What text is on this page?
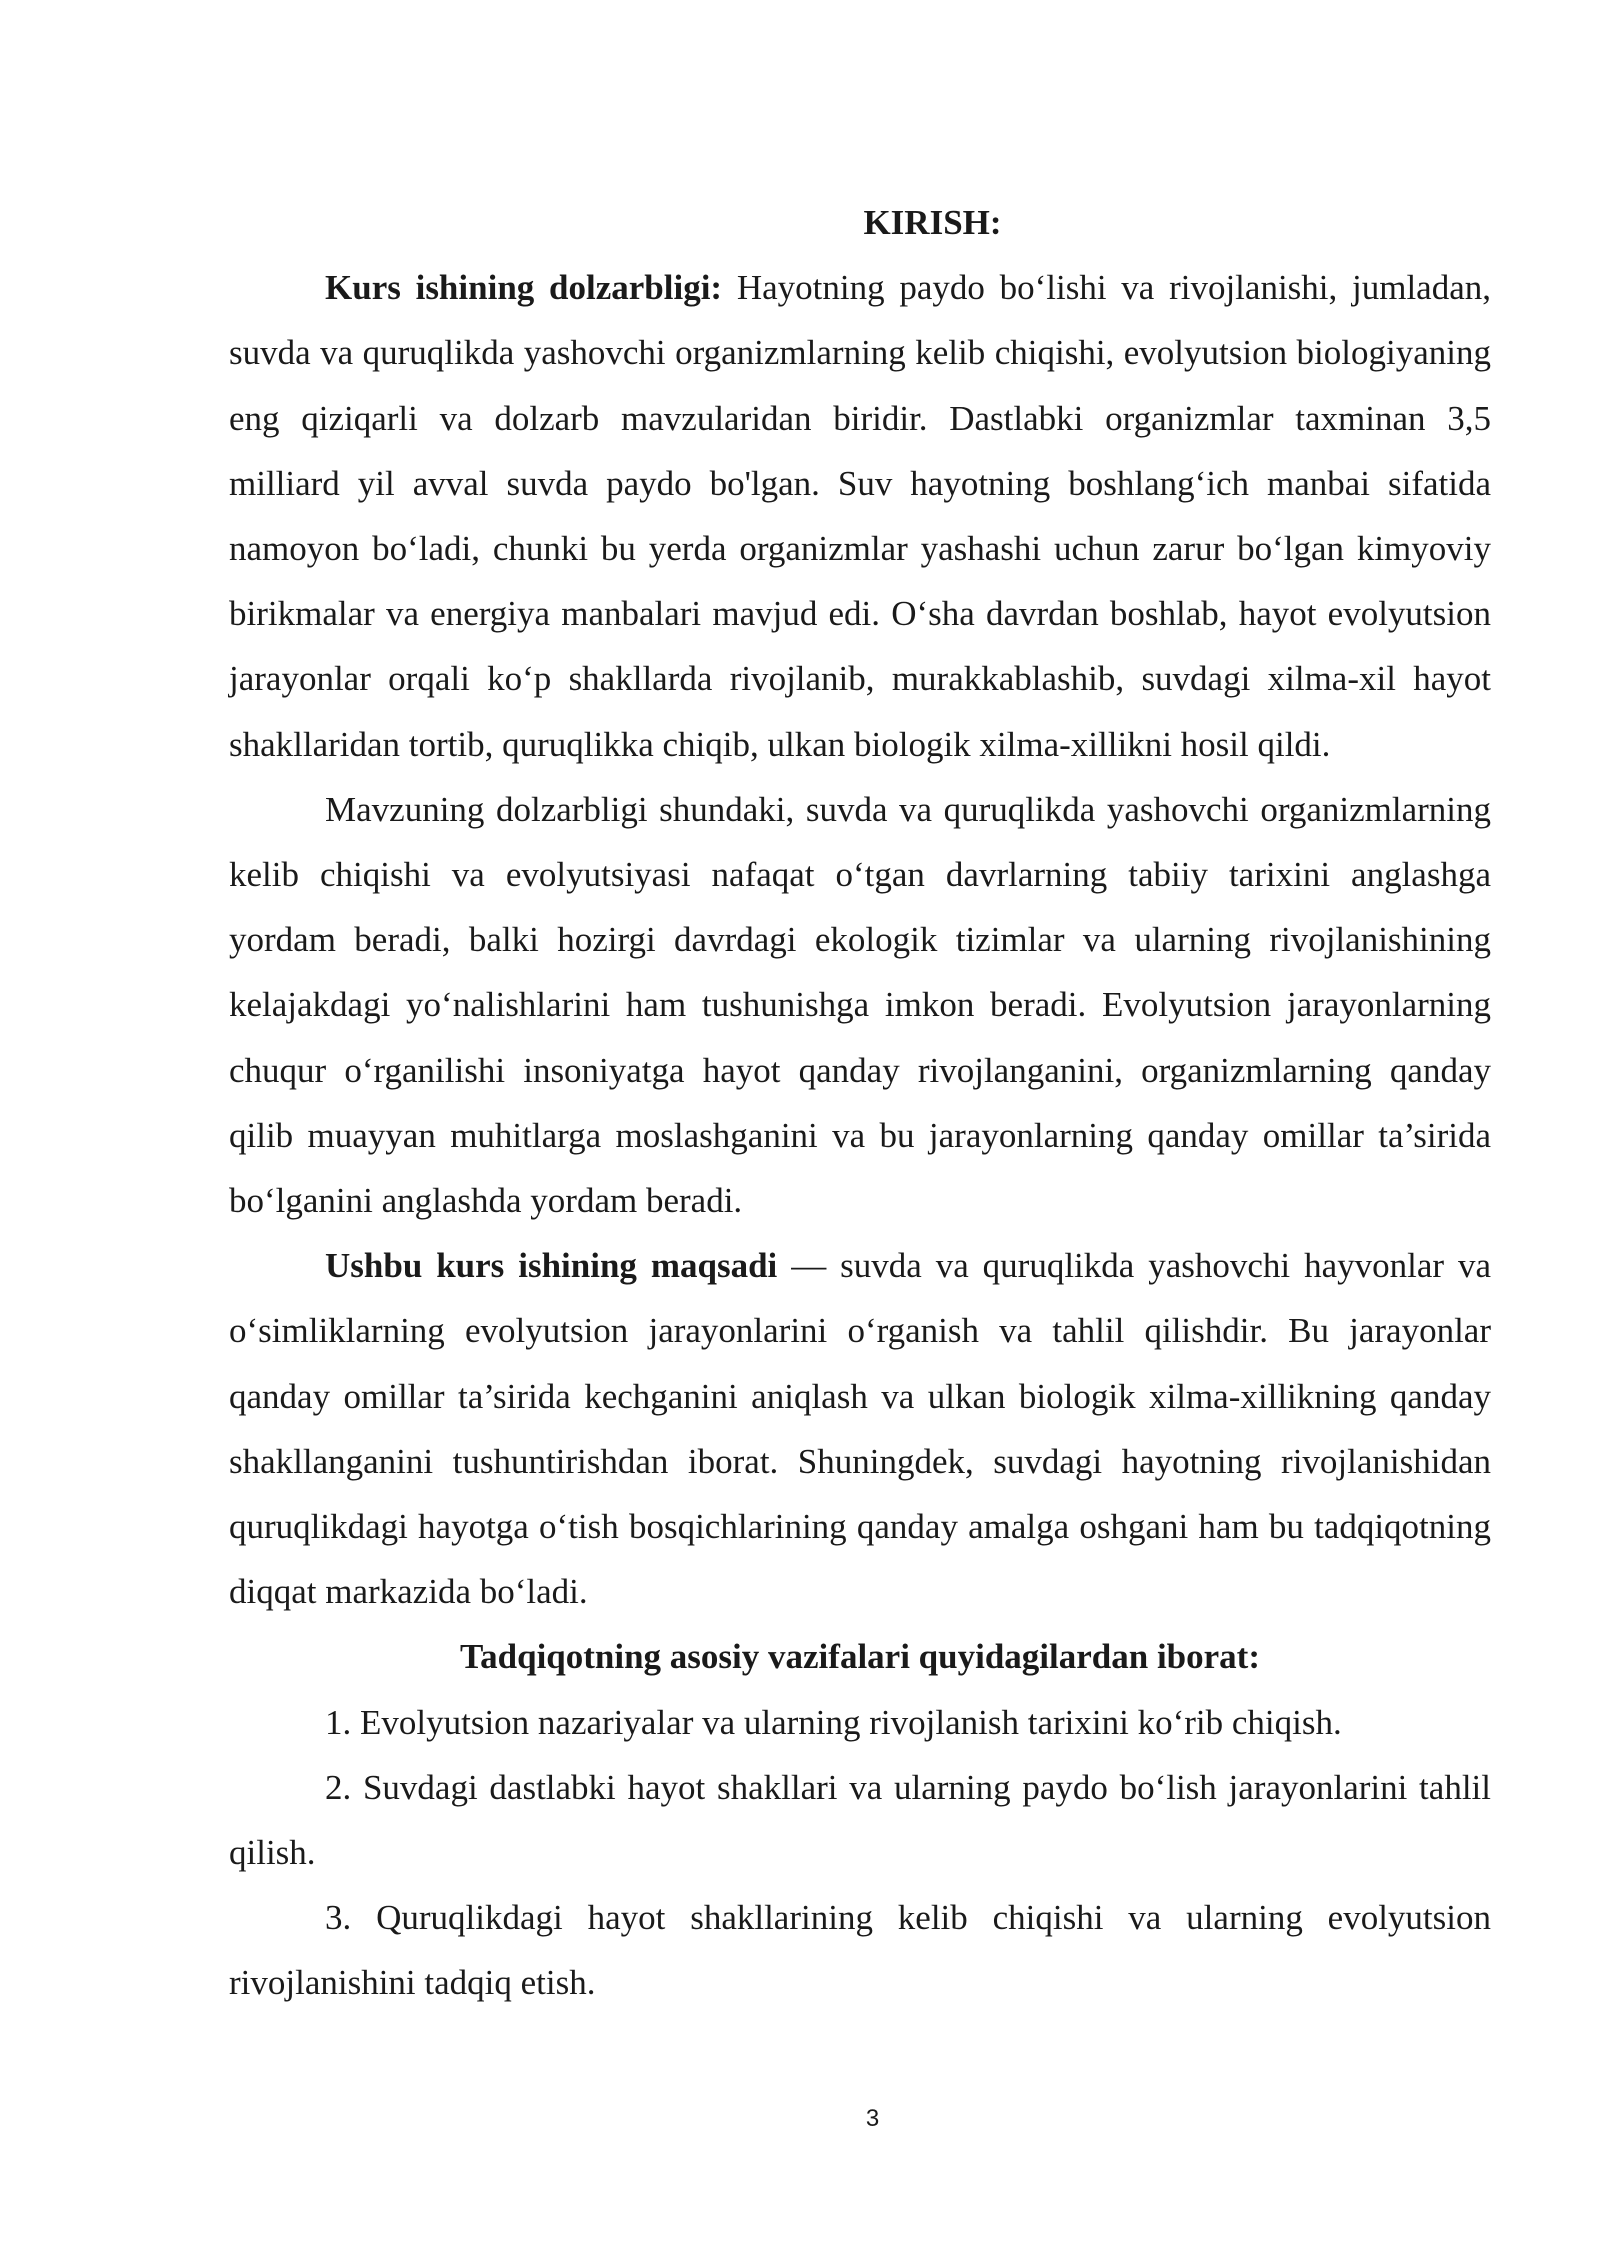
KIRISH:

Kurs ishining dolzarbligi: Hayotning paydo bo‘lishi va rivojlanishi, jumladan, suvda va quruqlikda yashovchi organizmlarning kelib chiqishi, evolyutsion biologiyaning eng qiziqarli va dolzarb mavzularidan biridir. Dastlabki organizmlar taxminan 3,5 milliard yil avval suvda paydo bo'lgan. Suv hayotning boshlang‘ich manbai sifatida namoyon bo‘ladi, chunki bu yerda organizmlar yashashi uchun zarur bo‘lgan kimyoviy birikmalar va energiya manbalari mavjud edi. O‘sha davrdan boshlab, hayot evolyutsion jarayonlar orqali ko‘p shakllarda rivojlanib, murakkablashib, suvdagi xilma-xil hayot shakllaridan tortib, quruqlikka chiqib, ulkan biologik xilma-xillikni hosil qildi.

Mavzuning dolzarbligi shundaki, suvda va quruqlikda yashovchi organizmlarning kelib chiqishi va evolyutsiyasi nafaqat o‘tgan davrlarning tabiiy tarixini anglashga yordam beradi, balki hozirgi davrdagi ekologik tizimlar va ularning rivojlanishining kelajakdagi yo‘nalishlarini ham tushunishga imkon beradi. Evolyutsion jarayonlarning chuqur o‘rganilishi insoniyatga hayot qanday rivojlanganini, organizmlarning qanday qilib muayyan muhitlarga moslashganini va bu jarayonlarning qanday omillar ta’sirida bo‘lganini anglashda yordam beradi.

Ushbu kurs ishining maqsadi — suvda va quruqlikda yashovchi hayvonlar va o‘simliklarning evolyutsion jarayonlarini o‘rganish va tahlil qilishdir. Bu jarayonlar qanday omillar ta’sirida kechganini aniqlash va ulkan biologik xilma-xillikning qanday shakllanganini tushuntirishdan iborat. Shuningdek, suvdagi hayotning rivojlanishidan quruqlikdagi hayotga o‘tish bosqichlarining qanday amalga oshgani ham bu tadqiqotning diqqat markazida bo‘ladi.

Tadqiqotning asosiy vazifalari quyidagilardan iborat:

1. Evolyutsion nazariyalar va ularning rivojlanish tarixini ko‘rib chiqish.

2. Suvdagi dastlabki hayot shakllari va ularning paydo bo‘lish jarayonlarini tahlil qilish.

3. Quruqlikdagi hayot shakllarining kelib chiqishi va ularning evolyutsion rivojlanishini tadqiq etish.

3
